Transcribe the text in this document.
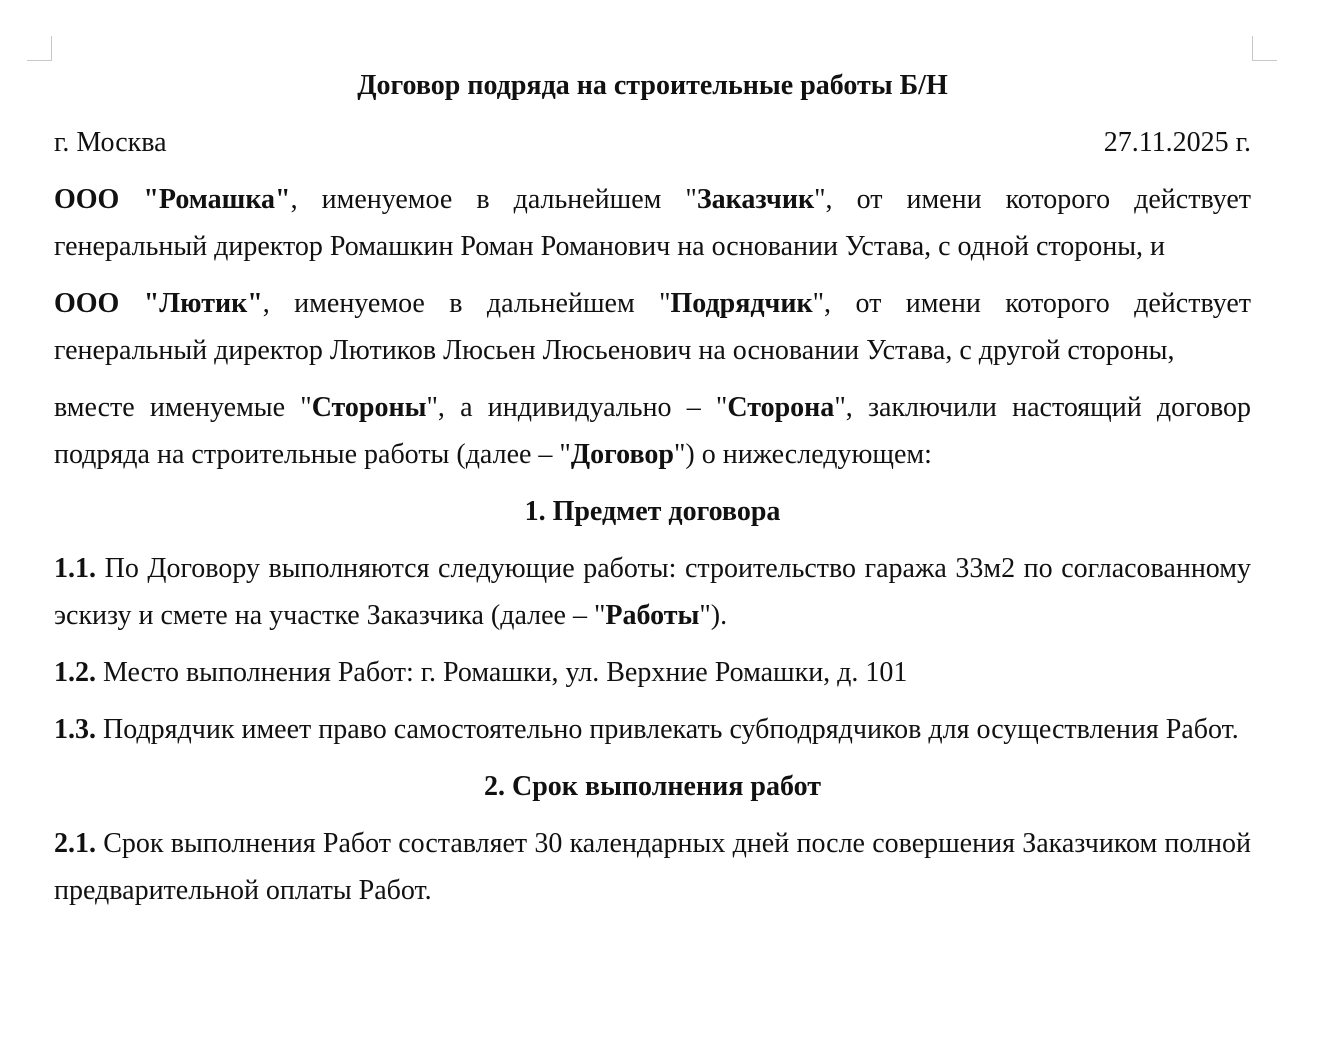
Договор подряда на строительные работы Б/Н
г. Москва	27.11.2025 г.

ООО "Ромашка", именуемое в дальнейшем "Заказчик", от имени которого действует генеральный директор Ромашкин Роман Романович на основании Устава, с одной стороны, и

ООО "Лютик", именуемое в дальнейшем "Подрядчик", от имени которого действует генеральный директор Лютиков Люсьен Люсьенович на основании Устава, с другой стороны,

вместе именуемые "Стороны", а индивидуально – "Сторона", заключили настоящий договор подряда на строительные работы (далее – "Договор") о нижеследующем:

1. Предмет договора

1.1. По Договору выполняются следующие работы: строительство гаража 33м2 по согласованному эскизу и смете на участке Заказчика (далее – "Работы").

1.2. Место выполнения Работ: г. Ромашки, ул. Верхние Ромашки, д. 101

1.3. Подрядчик имеет право самостоятельно привлекать субподрядчиков для осуществления Работ.

2. Срок выполнения работ

2.1. Срок выполнения Работ составляет 30 календарных дней после совершения Заказчиком полной предварительной оплаты Работ.
